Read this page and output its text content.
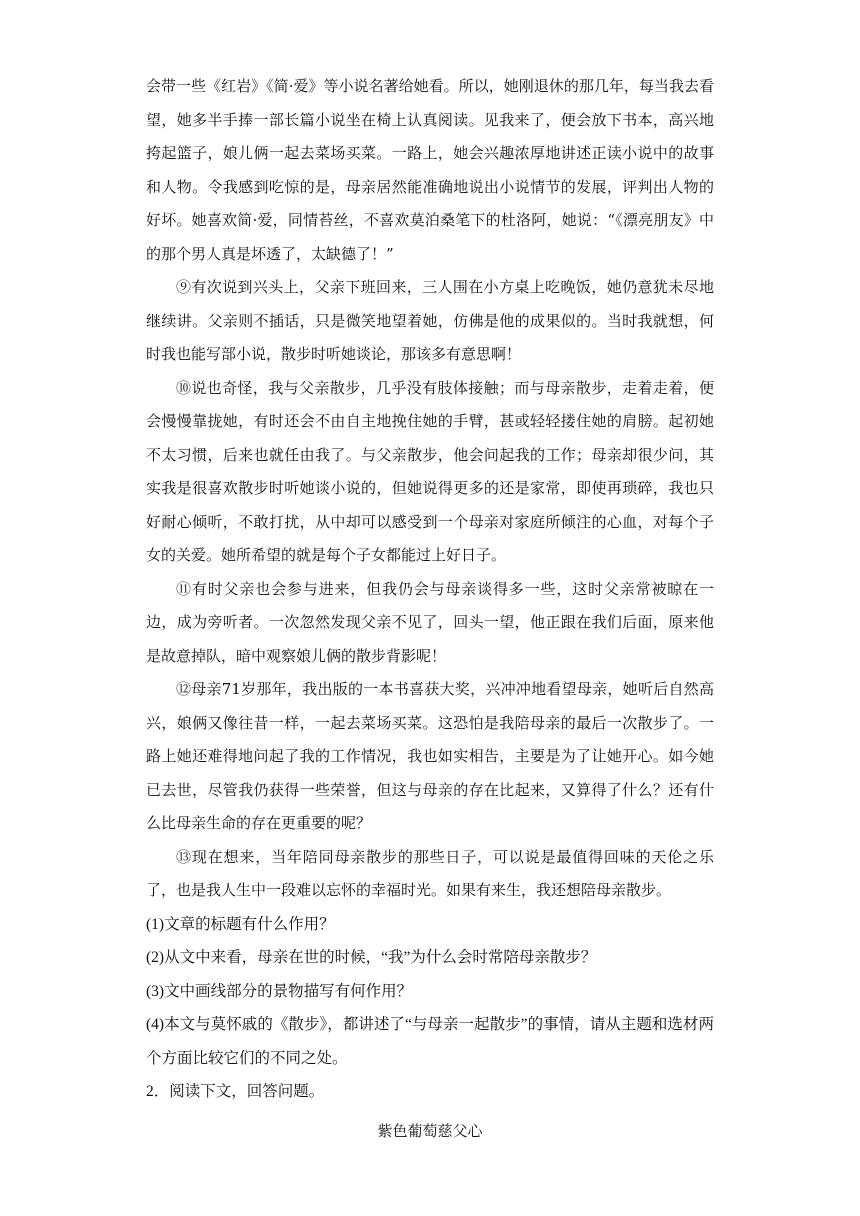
会带一些《红岩》《简·爱》等小说名著给她看。所以，她刚退休的那几年，每当我去看望，她多半手捧一部长篇小说坐在椅上认真阅读。见我来了，便会放下书本，高兴地挎起篮子，娘儿俩一起去菜场买菜。一路上，她会兴趣浓厚地讲述正读小说中的故事和人物。令我感到吃惊的是，母亲居然能准确地说出小说情节的发展，评判出人物的好坏。她喜欢简·爱，同情苔丝，不喜欢莫泊桑笔下的杜洛阿，她说：“《漂亮朋友》中的那个男人真是坏透了，太缺德了！”

⑨有次说到兴头上，父亲下班回来，三人围在小方桌上吃晚饭，她仍意犹未尽地继续讲。父亲则不插话，只是微笑地望着她，仿佛是他的成果似的。当时我就想，何时我也能写部小说，散步时听她谈论，那该多有意思啊！

⑩说也奇怪，我与父亲散步，几乎没有肢体接触；而与母亲散步，走着走着，便会慢慢靠拢她，有时还会不由自主地挽住她的手臂，甚或轻轻搂住她的肩膀。起初她不太习惯，后来也就任由我了。与父亲散步，他会问起我的工作；母亲却很少问，其实我是很喜欢散步时听她谈小说的，但她说得更多的还是家常，即使再琐碎，我也只好耐心倾听，不敢打扰，从中却可以感受到一个母亲对家庭所倾注的心血，对每个子女的关爱。她所希望的就是每个子女都能过上好日子。

⑪有时父亲也会参与进来，但我仍会与母亲谈得多一些，这时父亲常被晾在一边，成为旁听者。一次忽然发现父亲不见了，回头一望，他正跟在我们后面，原来他是故意掉队，暗中观察娘儿俩的散步背影呢！

⑫母亲71岁那年，我出版的一本书喜获大奖，兴冲冲地看望母亲，她听后自然高兴，娘俩又像往昔一样，一起去菜场买菜。这恐怕是我陪母亲的最后一次散步了。一路上她还难得地问起了我的工作情况，我也如实相告，主要是为了让她开心。如今她已去世，尽管我仍获得一些荣誉，但这与母亲的存在比起来，又算得了什么？还有什么比母亲生命的存在更重要的呢？

⑬现在想来，当年陪同母亲散步的那些日子，可以说是最值得回味的天伦之乐了，也是我人生中一段难以忘怀的幸福时光。如果有来生，我还想陪母亲散步。

(1)文章的标题有什么作用？

(2)从文中来看，母亲在世的时候，“我”为什么会时常陪母亲散步？

(3)文中画线部分的景物描写有何作用？

(4)本文与莫怀戚的《散步》，都讲述了“与母亲一起散步”的事情，请从主题和选材两个方面比较它们的不同之处。

2．阅读下文，回答问题。

紫色葡萄慈父心
